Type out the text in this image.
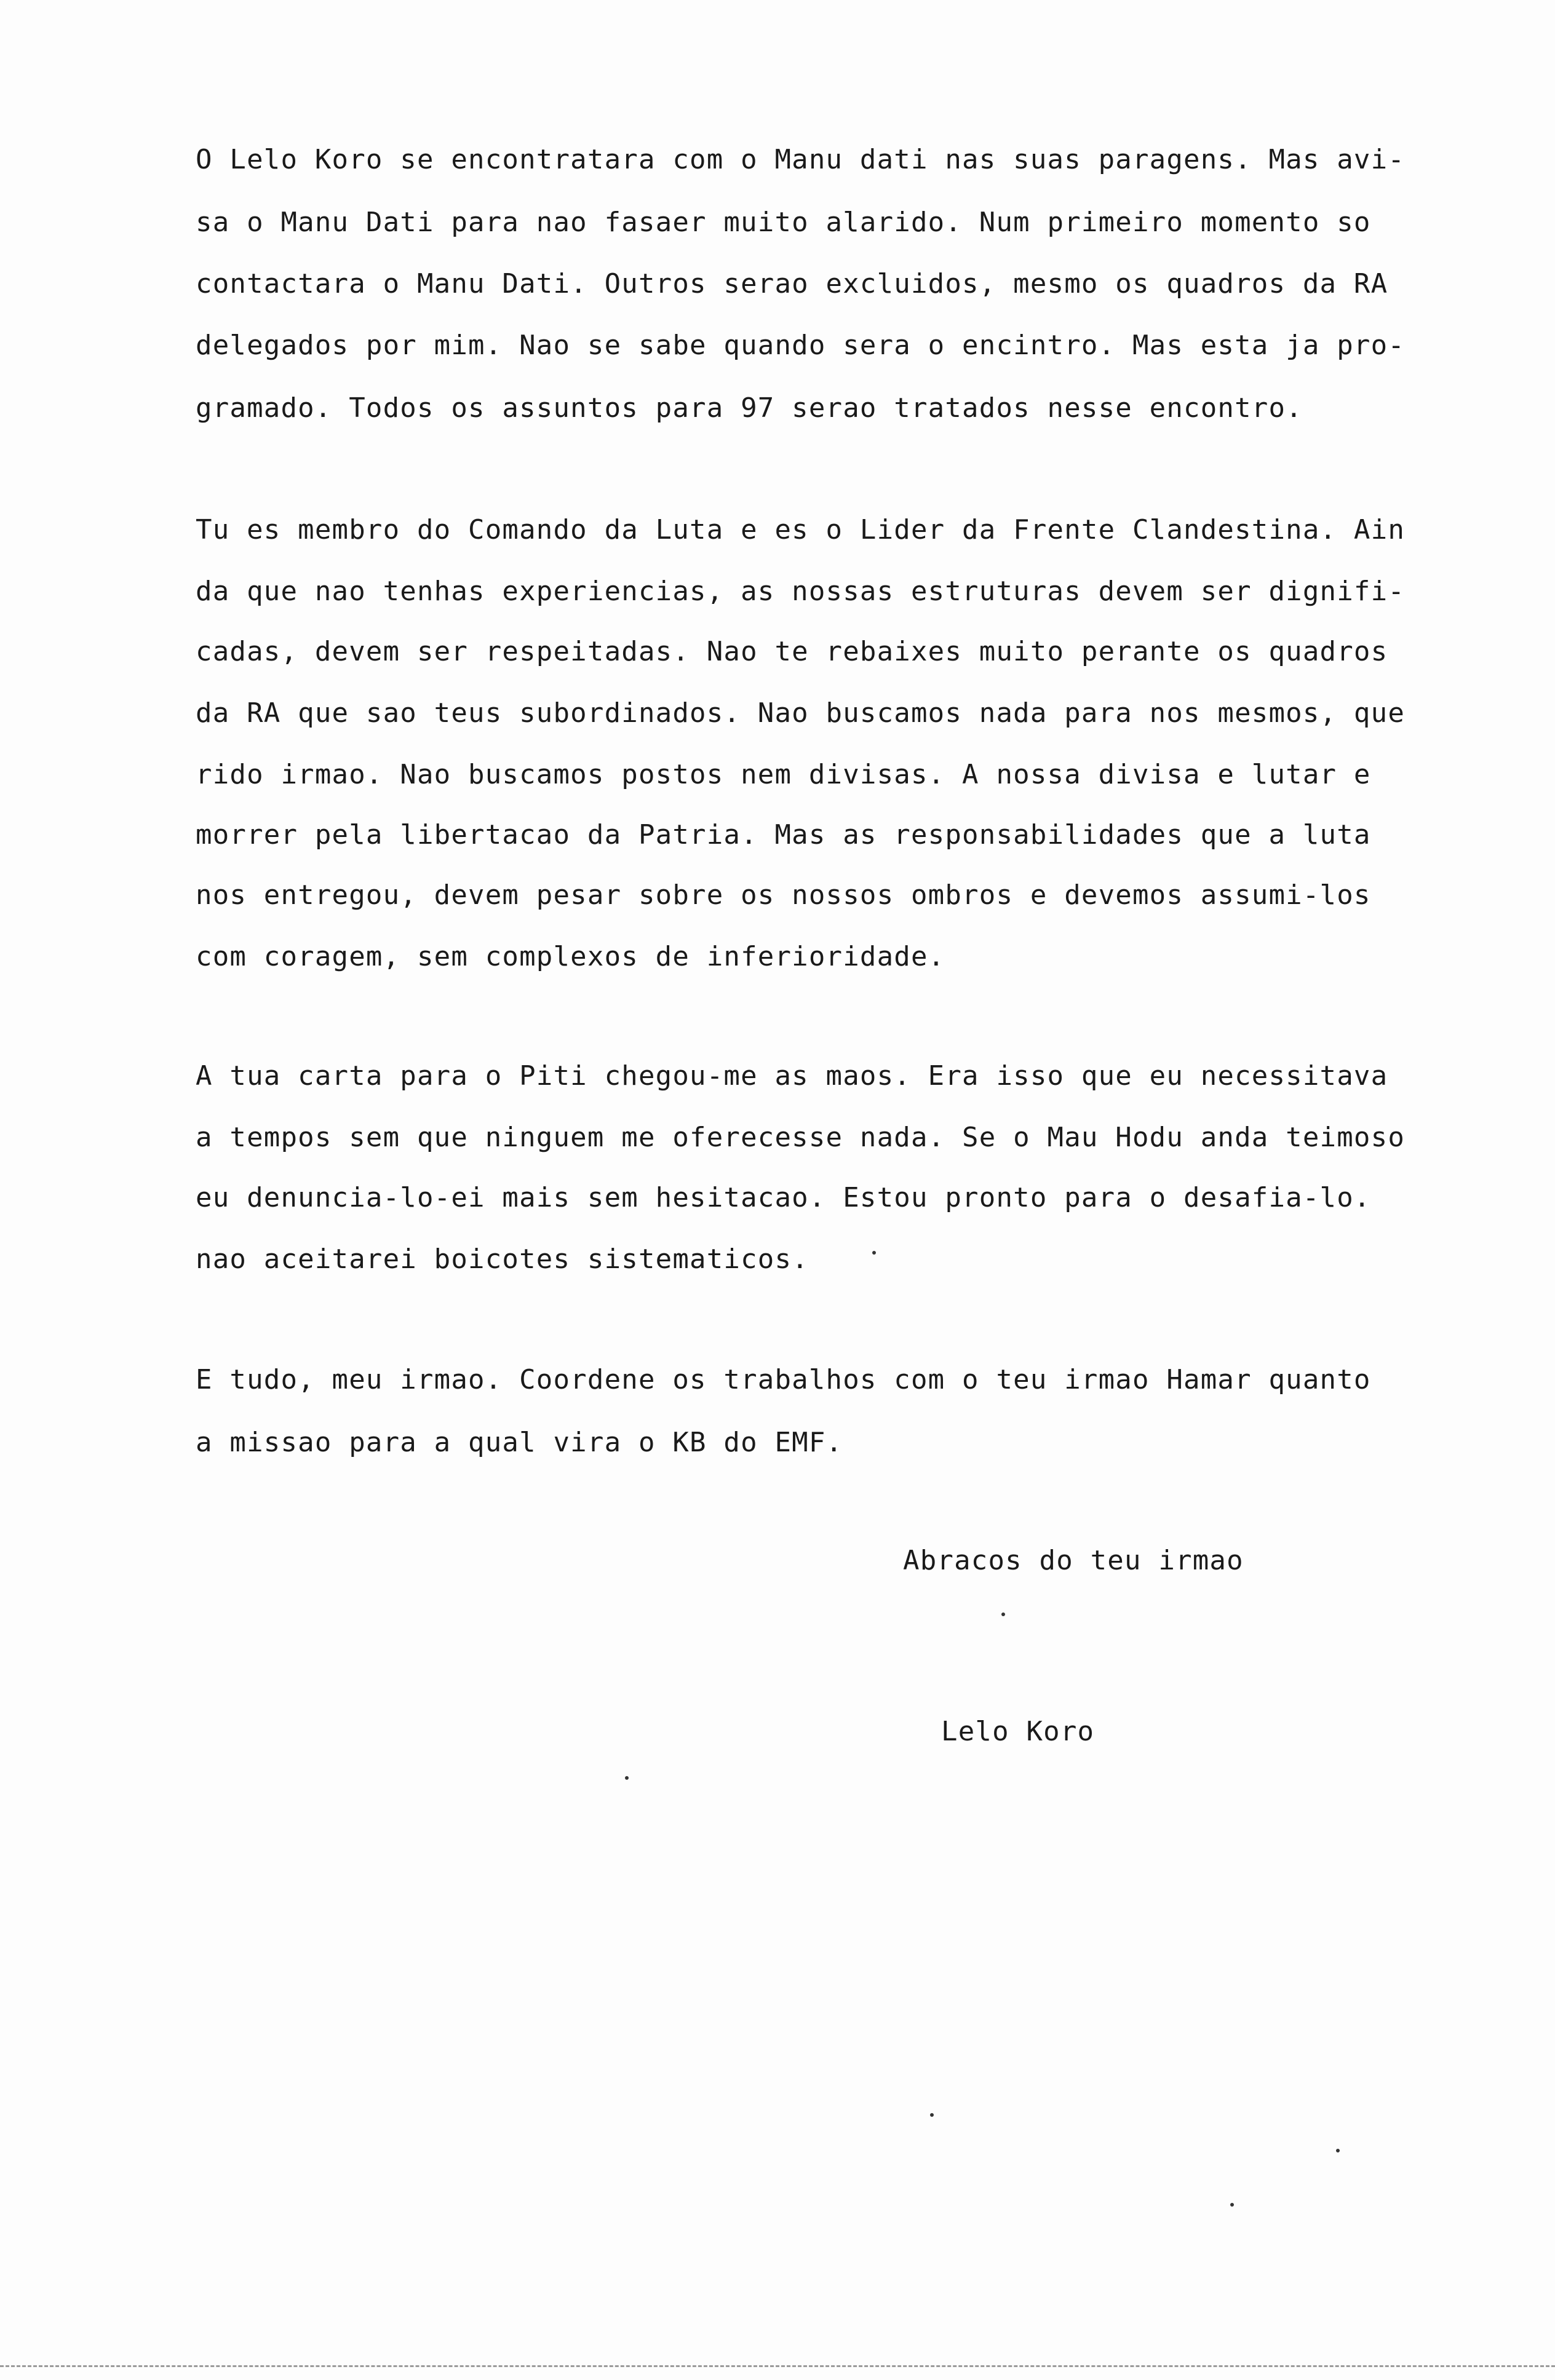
O Lelo Koro se encontratara com o Manu dati nas suas paragens. Mas avi-
sa o Manu Dati para nao fasaer muito alarido. Num primeiro momento so
contactara o Manu Dati. Outros serao excluidos, mesmo os quadros da RA
delegados por mim. Nao se sabe quando sera o encintro. Mas esta ja pro-
gramado. Todos os assuntos para 97 serao tratados nesse encontro.
Tu es membro do Comando da Luta e es o Lider da Frente Clandestina. Ain
da que nao tenhas experiencias, as nossas estruturas devem ser dignifi-
cadas, devem ser respeitadas. Nao te rebaixes muito perante os quadros
da RA que sao teus subordinados. Nao buscamos nada para nos mesmos, que
rido irmao. Nao buscamos postos nem divisas. A nossa divisa e lutar e
morrer pela libertacao da Patria. Mas as responsabilidades que a luta
nos entregou, devem pesar sobre os nossos ombros e devemos assumi-los
com coragem, sem complexos de inferioridade.
A tua carta para o Piti chegou-me as maos. Era isso que eu necessitava
a tempos sem que ninguem me oferecesse nada. Se o Mau Hodu anda teimoso
eu denuncia-lo-ei mais sem hesitacao. Estou pronto para o desafia-lo.
nao aceitarei boicotes sistematicos.
E tudo, meu irmao. Coordene os trabalhos com o teu irmao Hamar quanto
a missao para a qual vira o KB do EMF.
Abracos do teu irmao
Lelo Koro
